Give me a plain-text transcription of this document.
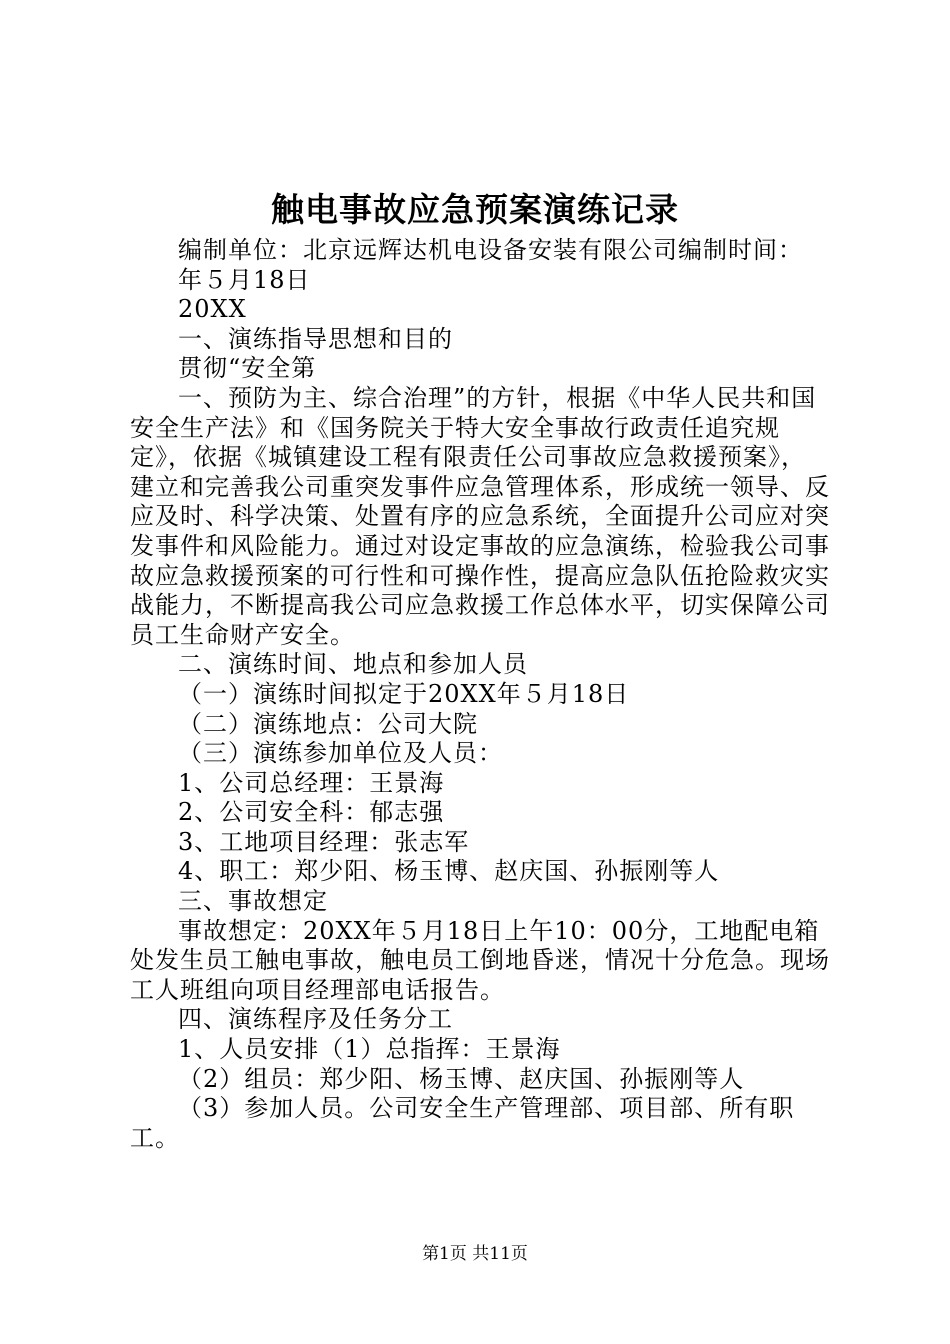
触电事故应急预案演练记录

编制单位：北京远辉达机电设备安装有限公司编制时间：

年５月18日

20XX

一、演练指导思想和目的

贯彻“安全第

一、预防为主、综合治理”的方针，根据《中华人民共和国安全生产法》和《国务院关于特大安全事故行政责任追究规定》，依据《城镇建设工程有限责任公司事故应急救援预案》，建立和完善我公司重突发事件应急管理体系，形成统一领导、反应及时、科学决策、处置有序的应急系统，全面提升公司应对突发事件和风险能力。通过对设定事故的应急演练，检验我公司事故应急救援预案的可行性和可操作性，提高应急队伍抢险救灾实战能力，不断提高我公司应急救援工作总体水平，切实保障公司员工生命财产安全。

二、演练时间、地点和参加人员

（一）演练时间拟定于20XX年５月18日

（二）演练地点：公司大院

（三）演练参加单位及人员：

1、公司总经理：王景海

2、公司安全科：郁志强

3、工地项目经理：张志军

4、职工：郑少阳、杨玉博、赵庆国、孙振刚等人

三、事故想定

事故想定：20XX年５月18日上午10：00分，工地配电箱处发生员工触电事故，触电员工倒地昏迷，情况十分危急。现场工人班组向项目经理部电话报告。

四、演练程序及任务分工

1、人员安排（1）总指挥：王景海

（2）组员：郑少阳、杨玉博、赵庆国、孙振刚等人

（3）参加人员。公司安全生产管理部、项目部、所有职工。

第1页 共11页
